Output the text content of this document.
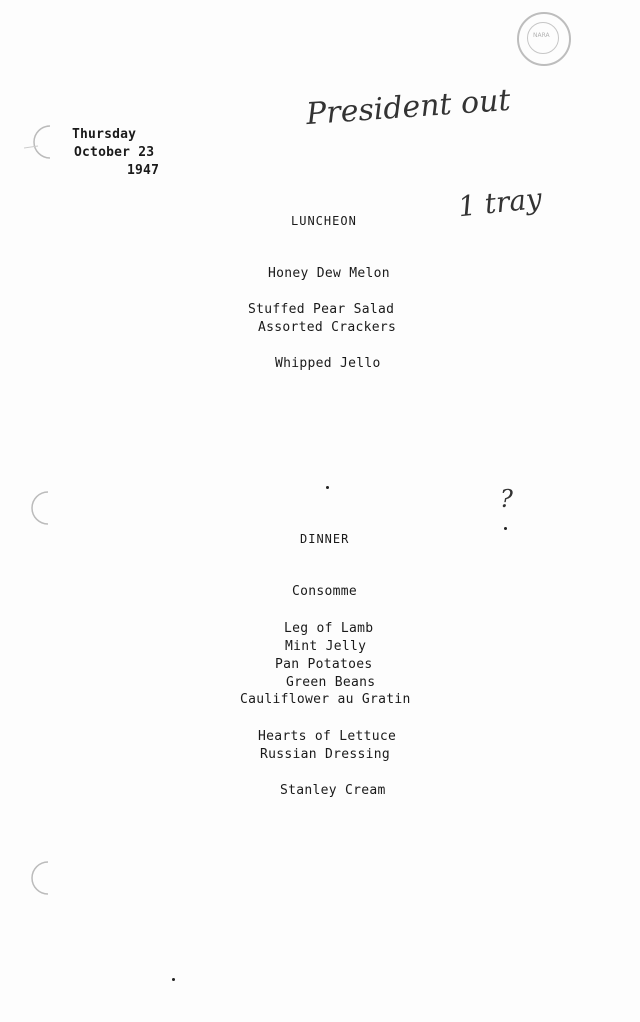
NARA
Thursday
October 23
1947
President out
1 tray
?
LUNCHEON
Honey Dew Melon
Stuffed Pear Salad
Assorted Crackers
Whipped Jello
DINNER
Consomme
Leg of Lamb
Mint Jelly
Pan Potatoes
Green Beans
Cauliflower au Gratin
Hearts of Lettuce
Russian Dressing
Stanley Cream
